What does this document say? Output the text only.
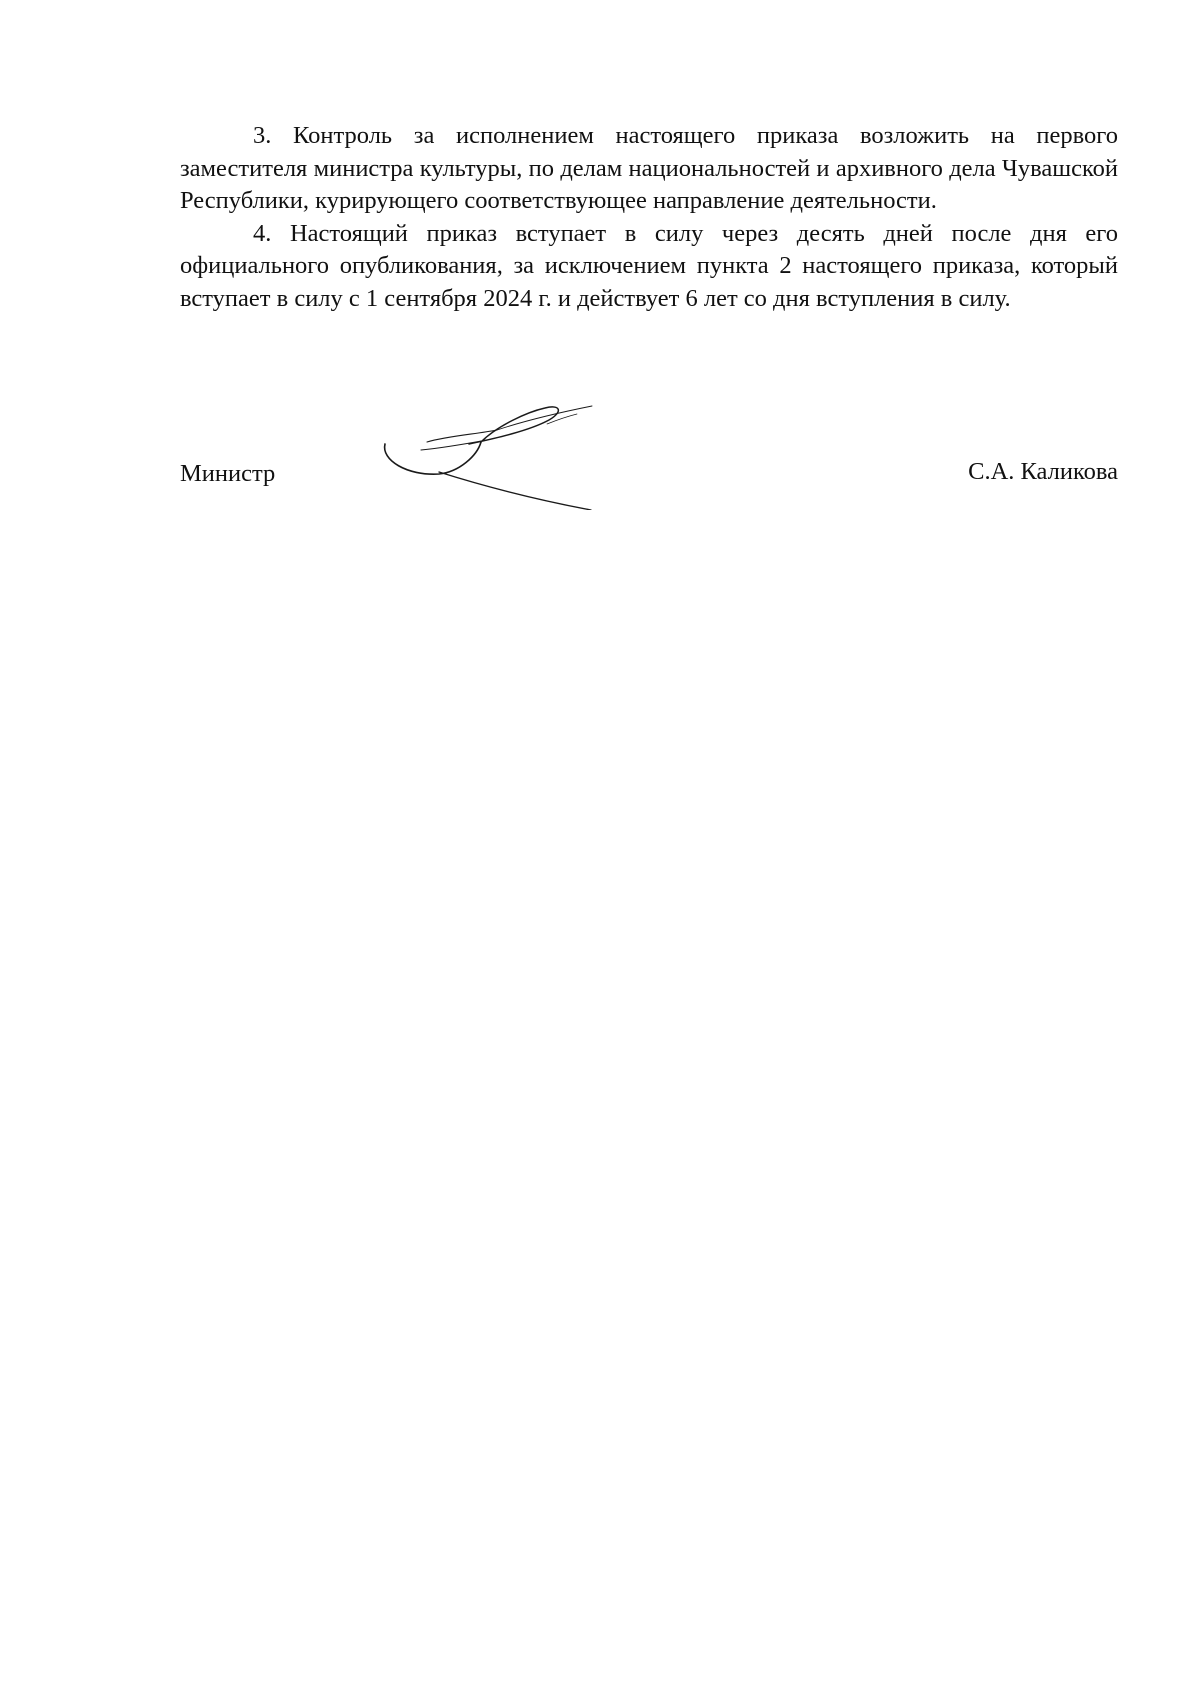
3. Контроль за исполнением настоящего приказа возложить на первого заместителя министра культуры, по делам национальностей и архивного дела Чувашской Республики, курирующего соответствующее направление деятельности.

4. Настоящий приказ вступает в силу через десять дней после дня его официального опубликования, за исключением пункта 2 настоящего приказа, который вступает в силу с 1 сентября 2024 г. и действует 6 лет со дня вступления в силу.

Министр	С.А. Каликова
